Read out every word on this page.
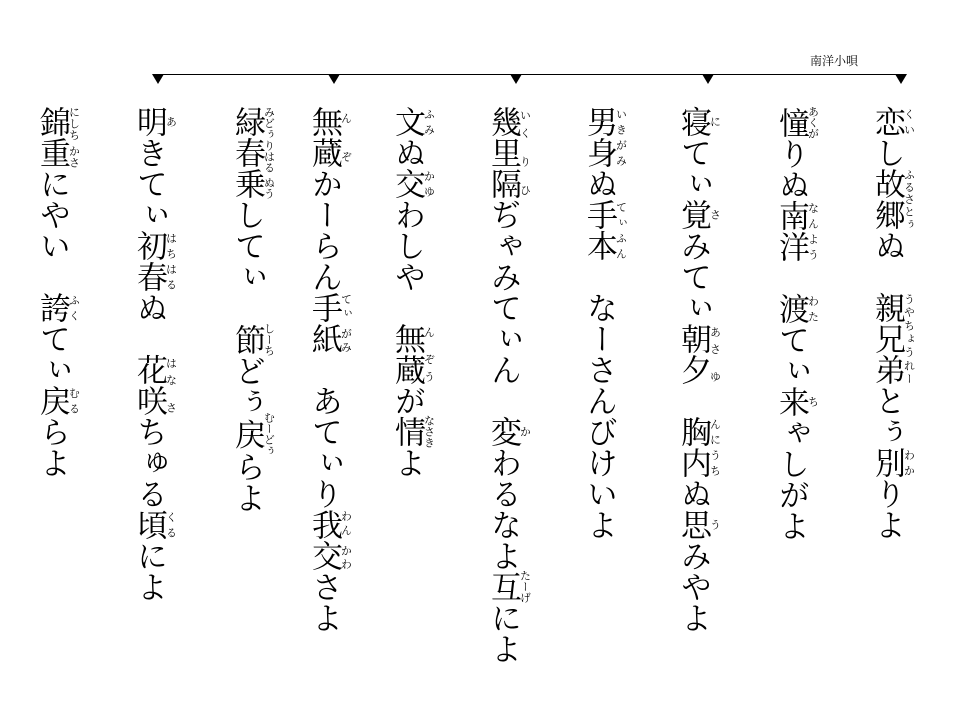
南洋小唄
恋くいし故郷ふるさとぅぬ親兄弟うやちょうれーとぅ別わかりよ
憧あくがりぬ南洋なんよう渡わたてぃ来ちゃしがよ
寝にてぃ覚さみてぃ朝夕あさ ゆ胸内んにうちぬ思うみやよ
男身いきがみぬ手本てぃふんなーさんびけいよ
幾里隔いく り ひぢゃみてぃん変かわるなよ互たーげによ
文ふみぬ交かゆわしや無蔵ん ぞうが情なさきよ
無蔵ん ぞかーらん手紙てぃ がみあてぃり我交わん かわさよ
緑春乗みどぅりはる ぬうしてぃ節しーちどぅ戻むーどぅらよ
明あきてぃ初春はちはるぬ花咲はな さちゅる頃くるによ
錦重にしち かさにやい誇ふくてぃ戻むるらよ
